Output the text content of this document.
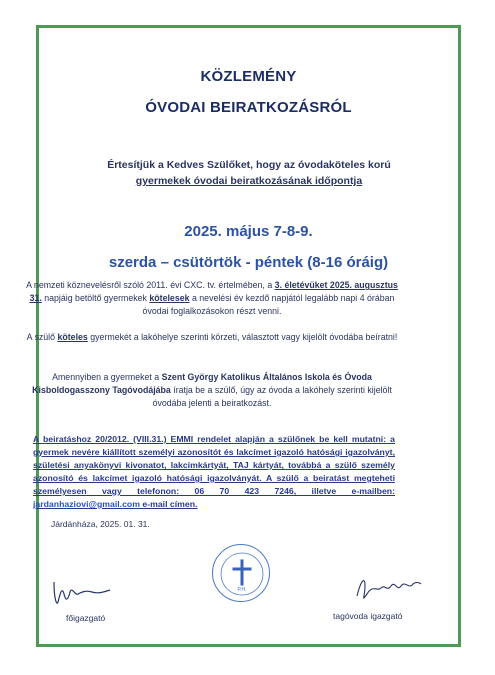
KÖZLEMÉNY
ÓVODAI BEIRATKOZÁSRÓL
Értesítjük a Kedves Szülőket, hogy az óvodaköteles korú
gyermekek óvodai beiratkozásának időpontja
2025. május 7-8-9.
szerda – csütörtök - péntek (8-16 óráig)
A nemzeti köznevelésről szóló 2011. évi CXC. tv. értelmében, a 3. életévüket 2025. augusztus 31. napjáig betöltő gyermekek kötelesek a nevelési év kezdő napjától legalább napi 4 órában óvodai foglalkozásokon részt venni.
A szülő köteles gyermekét a lakóhelye szerinti körzeti, választott vagy kijelölt óvodába beíratni!
Amennyiben a gyermeket a Szent György Katolikus Általános Iskola és Óvoda Kisboldogasszony Tagóvodájába íratja be a szülő, úgy az óvoda a lakóhely szerinti kijelölt óvodába jelenti a beiratkozást.
A beiratáshoz 20/2012. (VIII.31.) EMMI rendelet alapján a szülőnek be kell mutatni: a gyermek nevére kiállított személyi azonosítót és lakcímet igazoló hatósági igazolványt, születési anyakönyvi kivonatot, lakcímkártyát, TAJ kártyát, továbbá a szülő személy azonosító és lakcímet igazoló hatósági igazolványát. A szülő a beiratást megteheti személyesen vagy telefonon: 06 70 423 7246, illetve e-mailben: jardanhaziovi@gmail.com e-mail címen.
Járdánháza, 2025. 01. 31.
P.H.
főigazgató	tagóvoda igazgató
